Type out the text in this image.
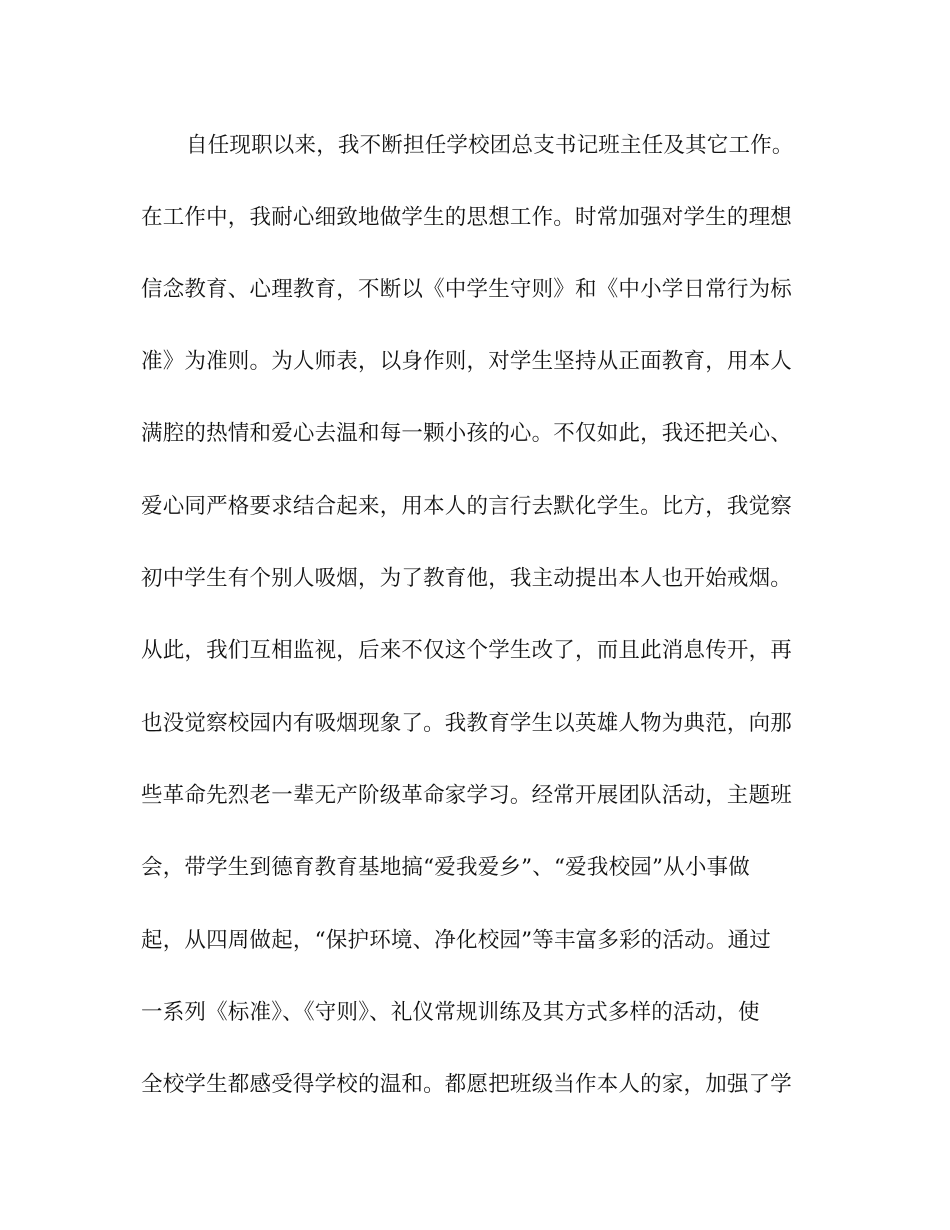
自任现职以来，我不断担任学校团总支书记班主任及其它工作。
在工作中，我耐心细致地做学生的思想工作。时常加强对学生的理想
信念教育、心理教育，不断以《中学生守则》和《中小学日常行为标
准》为准则。为人师表，以身作则，对学生坚持从正面教育，用本人
满腔的热情和爱心去温和每一颗小孩的心。不仅如此，我还把关心、
爱心同严格要求结合起来，用本人的言行去默化学生。比方，我觉察
初中学生有个别人吸烟，为了教育他，我主动提出本人也开始戒烟。
从此，我们互相监视，后来不仅这个学生改了，而且此消息传开，再
也没觉察校园内有吸烟现象了。我教育学生以英雄人物为典范，向那
些革命先烈老一辈无产阶级革命家学习。经常开展团队活动，主题班
会，带学生到德育教育基地搞“爱我爱乡”、“爱我校园”从小事做
起，从四周做起，“保护环境、净化校园”等丰富多彩的活动。通过
一系列《标准》、《守则》、礼仪常规训练及其方式多样的活动，使
全校学生都感受得学校的温和。都愿把班级当作本人的家，加强了学
